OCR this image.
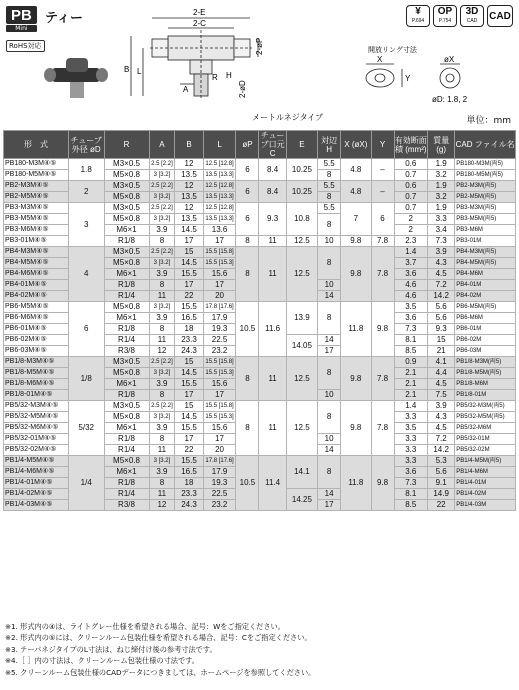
PB
Mini
ティー
RoHS対応
¥
P.694
OP
P.754
3D
CAD	CAD
2-E
2-C
2-øP
B L
A
R H
2-øD
メートルネジタイプ
開放リング寸法
X
Y
øX
øD: 1.8, 2
単位：mm
形　式	チューブ外径 øD	R	A	B	L	øP	チューブ口元 C	E	対辺 H	X (øX)	Y	有効断面積 (mm²)	質量 (g)	CAD ファイル名
PB180-M3M④⑤	1.8	M3×0.5	2.5 [2.2]	12	12.5 [12.8]	6	8.4	10.25	5.5	4.8	–	0.6	1.9	PB180-M3M(両5)
PB180-M5M④⑤		M5×0.8	3 [3.2]	13.5	13.5 [13.3]				8			0.7	3.2	PB180-M5M(両5)
PB2-M3M④⑤	2	M3×0.5	2.5 [2.2]	12	12.5 [12.8]	6	8.4	10.25	5.5	4.8	–	0.6	1.9	PB2-M3M(両5)
PB2-M5M④⑤		M5×0.8	3 [3.2]	13.5	13.5 [13.3]				8			0.7	3.2	PB2-M5M(両5)
PB3-M3M④⑤	3	M3×0.5	2.5 [2.2]	12	12.5 [12.8]	6	9.3	10.8	5.5	7	6	0.7	1.9	PB3-M3M(両5)
PB3-M5M④⑤		M5×0.8	3 [3.2]	13.5	13.5 [13.3]				8			2	3.3	PB3-M5M(両5)
PB3-M6M④⑤		M6×1	3.9	14.5	13.6							2	3.4	PB3-M6M
PB3-01M④⑤		R1/8	8	17	17	8	11	12.5	10	9.8	7.8	2.3	7.3	PB3-01M
PB4-M3M④⑤	4	M3×0.5	2.5 [2.2]	15	15.5 [15.8]	8	11	12.5	8	9.8	7.8	1.4	3.9	PB4-M3M(両5)
PB4-M5M④⑤		M5×0.8	3 [3.2]	14.5	15.5 [15.3]							3.7	4.3	PB4-M5M(両5)
PB4-M6M④⑤		M6×1	3.9	15.5	15.6							3.6	4.5	PB4-M6M
PB4-01M④⑤		R1/8	8	17	17				10			4.6	7.2	PB4-01M
PB4-02M④⑤		R1/4	11	22	20				14			4.6	14.2	PB4-02M
PB6-M5M④⑤	6	M5×0.8	3 [3.2]	15.5	17.8 [17.6]	10.5	11.6	13.9	8	11.8	9.8	3.5	5.6	PB6-M5M(両5)
PB6-M6M④⑤		M6×1	3.9	16.5	17.9							3.6	5.6	PB6-M6M
PB6-01M④⑤		R1/8	8	18	19.3							7.3	9.3	PB6-01M
PB6-02M④⑤		R1/4	11	23.3	22.5			14.05	14			8.1	15	PB6-02M
PB6-03M④⑤		R3/8	12	24.3	23.2				17			8.5	21	PB6-03M
PB1/8-M3M④⑤	1/8	M3×0.5	2.5 [2.2]	15	15.5 [15.8]	8	11	12.5	8	9.8	7.8	0.9	4.1	PB1/8-M3M(両5)
PB1/8-M5M④⑤		M5×0.8	3 [3.2]	14.5	15.5 [15.3]							2.1	4.4	PB1/8-M5M(両5)
PB1/8-M6M④⑤		M6×1	3.9	15.5	15.6							2.1	4.5	PB1/8-M6M
PB1/8-01M④⑤		R1/8	8	17	17				10			2.1	7.5	PB1/8-01M
PB5/32-M3M④⑤	5/32	M3×0.5	2.5 [2.2]	15	15.5 [15.8]	8	11	12.5	8	9.8	7.8	1.4	3.9	PB5/32-M3M(両5)
PB5/32-M5M④⑤		M5×0.8	3 [3.2]	14.5	15.5 [15.3]							3.3	4.3	PB5/32-M5M(両5)
PB5/32-M6M④⑤		M6×1	3.9	15.5	15.6							3.5	4.5	PB5/32-M6M
PB5/32-01M④⑤		R1/8	8	17	17				10			3.3	7.2	PB5/32-01M
PB5/32-02M④⑤		R1/4	11	22	20				14			3.3	14.2	PB5/32-02M
PB1/4-M5M④⑤	1/4	M5×0.8	3 [3.2]	15.5	17.8 [17.6]	10.5	11.4	14.1	8	11.8	9.8	3.3	5.3	PB1/4-M5M(両5)
PB1/4-M6M④⑤		M6×1	3.9	16.5	17.9							3.6	5.6	PB1/4-M6M
PB1/4-01M④⑤		R1/8	8	18	19.3							7.3	9.1	PB1/4-01M
PB1/4-02M④⑤		R1/4	11	23.3	22.5			14.25	14			8.1	14.9	PB1/4-02M
PB1/4-03M④⑤		R3/8	12	24.3	23.2				17			8.5	22	PB1/4-03M
※1. 形式内の④は、ライトグレー仕様を希望される場合、記号：Wをご指定ください。
※2. 形式内の⑤には、クリーンルーム包装仕様を希望される場合、記号：Cをご指定ください。
※3. テーパネジタイプのL寸法は、ねじ締付け後の参考寸法です。
※4.［ ］内の寸法は、クリーンルーム包装仕様の寸法です。
※5. クリーンルーム包装仕様のCADデータにつきましては、ホームページを参照してください。
